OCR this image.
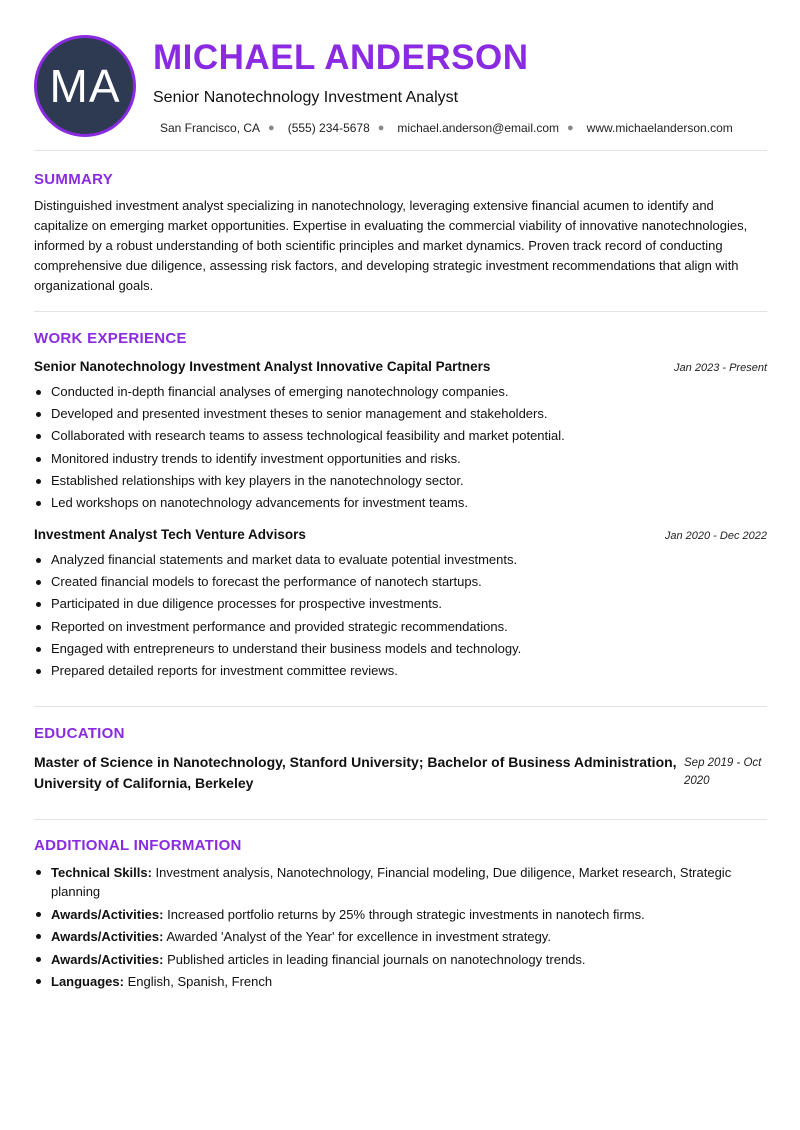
MA
MICHAEL ANDERSON
Senior Nanotechnology Investment Analyst
San Francisco, CA ● (555) 234-5678 ● michael.anderson@email.com ● www.michaelanderson.com
SUMMARY
Distinguished investment analyst specializing in nanotechnology, leveraging extensive financial acumen to identify and capitalize on emerging market opportunities. Expertise in evaluating the commercial viability of innovative nanotechnologies, informed by a robust understanding of both scientific principles and market dynamics. Proven track record of conducting comprehensive due diligence, assessing risk factors, and developing strategic investment recommendations that align with organizational goals.
WORK EXPERIENCE
Senior Nanotechnology Investment Analyst Innovative Capital Partners	Jan 2023 - Present
Conducted in-depth financial analyses of emerging nanotechnology companies.
Developed and presented investment theses to senior management and stakeholders.
Collaborated with research teams to assess technological feasibility and market potential.
Monitored industry trends to identify investment opportunities and risks.
Established relationships with key players in the nanotechnology sector.
Led workshops on nanotechnology advancements for investment teams.
Investment Analyst Tech Venture Advisors	Jan 2020 - Dec 2022
Analyzed financial statements and market data to evaluate potential investments.
Created financial models to forecast the performance of nanotech startups.
Participated in due diligence processes for prospective investments.
Reported on investment performance and provided strategic recommendations.
Engaged with entrepreneurs to understand their business models and technology.
Prepared detailed reports for investment committee reviews.
EDUCATION
Master of Science in Nanotechnology, Stanford University; Bachelor of Business Administration, University of California, Berkeley
Sep 2019 - Oct 2020
ADDITIONAL INFORMATION
Technical Skills: Investment analysis, Nanotechnology, Financial modeling, Due diligence, Market research, Strategic planning
Awards/Activities: Increased portfolio returns by 25% through strategic investments in nanotech firms.
Awards/Activities: Awarded 'Analyst of the Year' for excellence in investment strategy.
Awards/Activities: Published articles in leading financial journals on nanotechnology trends.
Languages: English, Spanish, French
